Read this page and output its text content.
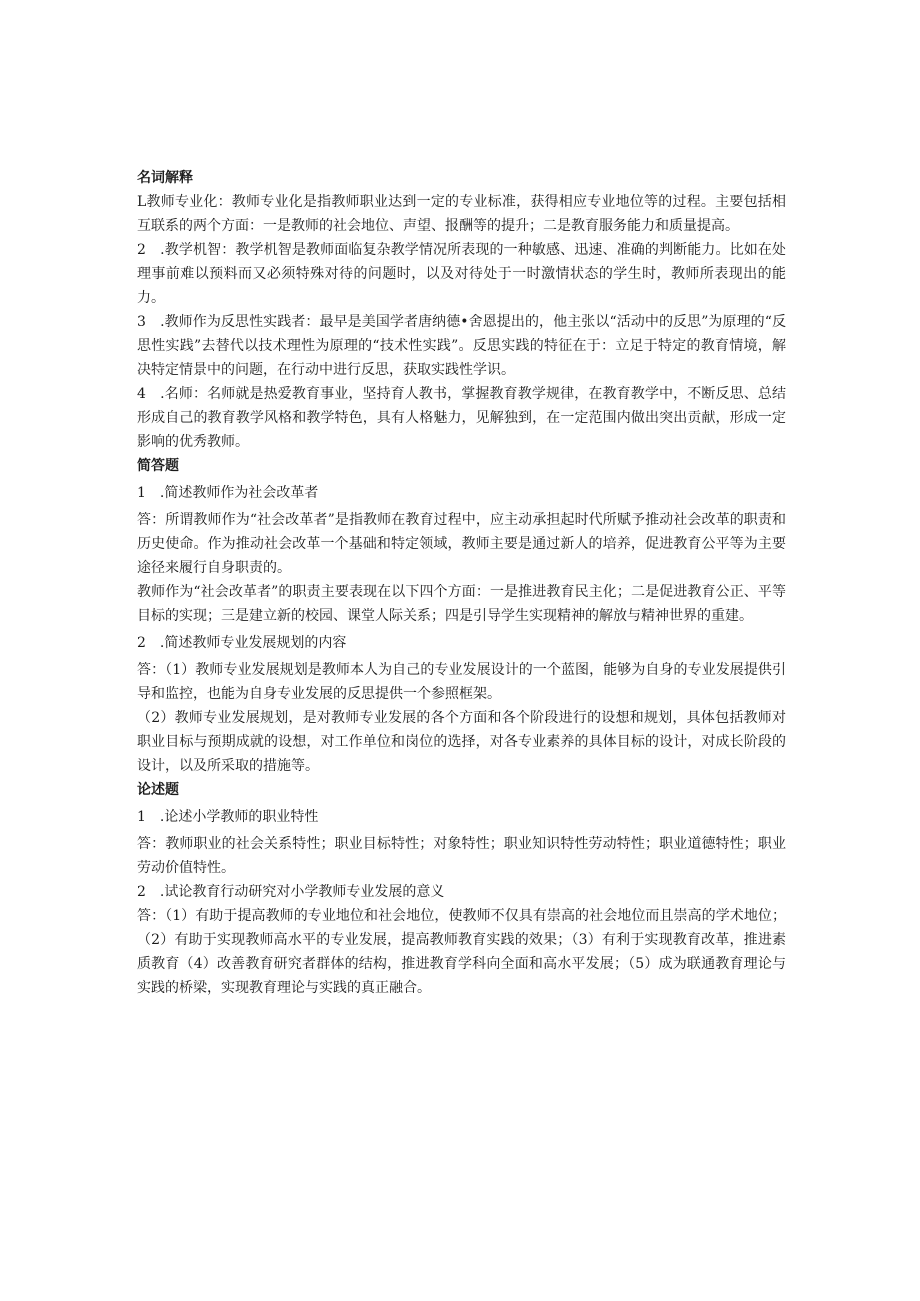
名词解释

L教师专业化：教师专业化是指教师职业达到一定的专业标准，获得相应专业地位等的过程。主要包括相互联系的两个方面：一是教师的社会地位、声望、报酬等的提升；二是教育服务能力和质量提高。

2　.教学机智：教学机智是教师面临复杂教学情况所表现的一种敏感、迅速、准确的判断能力。比如在处理事前难以预料而又必须特殊对待的问题时，以及对待处于一时激情状态的学生时，教师所表现出的能力。

3　.教师作为反思性实践者：最早是美国学者唐纳德•舍恩提出的，他主张以“活动中的反思”为原理的“反思性实践”去替代以技术理性为原理的“技术性实践”。反思实践的特征在于：立足于特定的教育情境，解决特定情景中的问题，在行动中进行反思，获取实践性学识。

4　.名师：名师就是热爱教育事业，坚持育人教书，掌握教育教学规律，在教育教学中，不断反思、总结形成自己的教育教学风格和教学特色，具有人格魅力，见解独到，在一定范围内做出突出贡献，形成一定影响的优秀教师。

简答题

1　.简述教师作为社会改革者

答：所谓教师作为“社会改革者”是指教师在教育过程中，应主动承担起时代所赋予推动社会改革的职责和历史使命。作为推动社会改革一个基础和特定领域，教师主要是通过新人的培养，促进教育公平等为主要途径来履行自身职责的。

教师作为“社会改革者”的职责主要表现在以下四个方面：一是推进教育民主化；二是促进教育公正、平等目标的实现；三是建立新的校园、课堂人际关系；四是引导学生实现精神的解放与精神世界的重建。

2　.简述教师专业发展规划的内容

答：（1）教师专业发展规划是教师本人为自己的专业发展设计的一个蓝图，能够为自身的专业发展提供引导和监控，也能为自身专业发展的反思提供一个参照框架。

（2）教师专业发展规划，是对教师专业发展的各个方面和各个阶段进行的设想和规划，具体包括教师对职业目标与预期成就的设想，对工作单位和岗位的选择，对各专业素养的具体目标的设计，对成长阶段的设计，以及所采取的措施等。

论述题

1　.论述小学教师的职业特性

答：教师职业的社会关系特性；职业目标特性；对象特性；职业知识特性劳动特性；职业道德特性；职业劳动价值特性。

2　.试论教育行动研究对小学教师专业发展的意义

答：（1）有助于提高教师的专业地位和社会地位，使教师不仅具有崇高的社会地位而且崇高的学术地位；（2）有助于实现教师高水平的专业发展，提高教师教育实践的效果；（3）有利于实现教育改革，推进素质教育（4）改善教育研究者群体的结构，推进教育学科向全面和高水平发展；（5）成为联通教育理论与实践的桥梁，实现教育理论与实践的真正融合。
